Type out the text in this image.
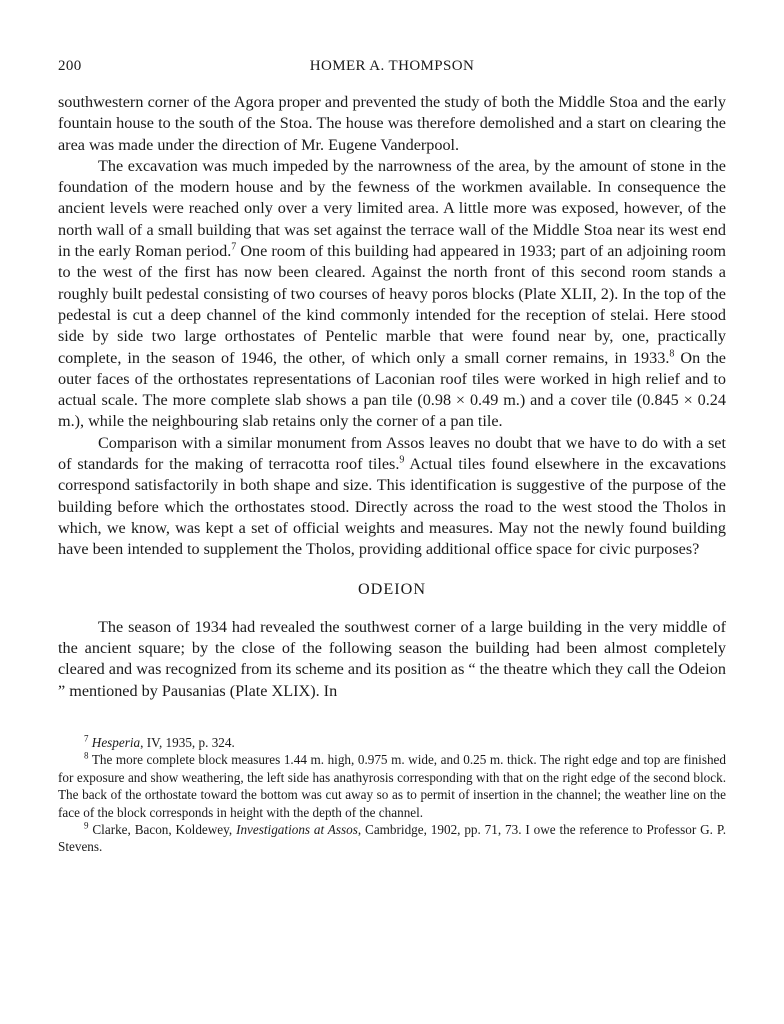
200	HOMER A. THOMPSON

southwestern corner of the Agora proper and prevented the study of both the Middle Stoa and the early fountain house to the south of the Stoa. The house was therefore demolished and a start on clearing the area was made under the direction of Mr. Eugene Vanderpool.

The excavation was much impeded by the narrowness of the area, by the amount of stone in the foundation of the modern house and by the fewness of the workmen available. In consequence the ancient levels were reached only over a very limited area. A little more was exposed, however, of the north wall of a small building that was set against the terrace wall of the Middle Stoa near its west end in the early Roman period.$^7$ One room of this building had appeared in 1933; part of an adjoining room to the west of the first has now been cleared. Against the north front of this second room stands a roughly built pedestal consisting of two courses of heavy poros blocks (Plate XLII, 2). In the top of the pedestal is cut a deep channel of the kind commonly intended for the reception of stelai. Here stood side by side two large orthostates of Pentelic marble that were found near by, one, practically complete, in the season of 1946, the other, of which only a small corner remains, in 1933.$^8$ On the outer faces of the orthostates representations of Laconian roof tiles were worked in high relief and to actual scale. The more complete slab shows a pan tile (0.98 × 0.49 m.) and a cover tile (0.845 × 0.24 m.), while the neighbouring slab retains only the corner of a pan tile.

Comparison with a similar monument from Assos leaves no doubt that we have to do with a set of standards for the making of terracotta roof tiles.$^9$ Actual tiles found elsewhere in the excavations correspond satisfactorily in both shape and size. This identification is suggestive of the purpose of the building before which the orthostates stood. Directly across the road to the west stood the Tholos in which, we know, was kept a set of official weights and measures. May not the newly found building have been intended to supplement the Tholos, providing additional office space for civic purposes?

ODEION

The season of 1934 had revealed the southwest corner of a large building in the very middle of the ancient square; by the close of the following season the building had been almost completely cleared and was recognized from its scheme and its position as “ the theatre which they call the Odeion ” mentioned by Pausanias (Plate XLIX). In

$^7$ Hesperia, IV, 1935, p. 324.

$^8$ The more complete block measures 1.44 m. high, 0.975 m. wide, and 0.25 m. thick. The right edge and top are finished for exposure and show weathering, the left side has anathyrosis corresponding with that on the right edge of the second block. The back of the orthostate toward the bottom was cut away so as to permit of insertion in the channel; the weather line on the face of the block corresponds in height with the depth of the channel.

$^9$ Clarke, Bacon, Koldewey, Investigations at Assos, Cambridge, 1902, pp. 71, 73. I owe the reference to Professor G. P. Stevens.
